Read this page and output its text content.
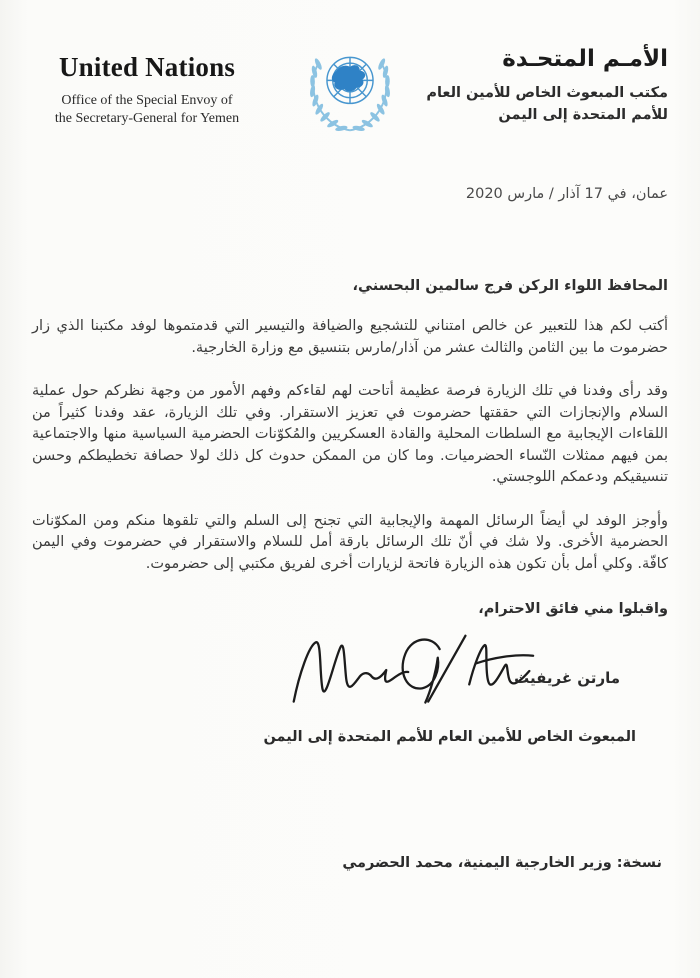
United Nations
Office of the Special Envoy of
the Secretary-General for Yemen
الأمـم المتحـدة
مكتب المبعوث الخاص للأمين العام
للأمم المتحدة إلى اليمن
عمان، في 17 آذار / مارس 2020
المحافظ اللواء الركن فرج سالمين البحسني،

أكتب لكم هذا للتعبير عن خالص امتناني للتشجيع والضيافة والتيسير التي قدمتموها لوفد مكتبنا الذي زار حضرموت ما بين الثامن والثالث عشر من آذار/مارس بتنسيق مع وزارة الخارجية.

وقد رأى وفدنا في تلك الزيارة فرصة عظيمة أتاحت لهم لقاءكم وفهم الأمور من وجهة نظركم حول عملية السلام والإنجازات التي حققتها حضرموت في تعزيز الاستقرار. وفي تلك الزيارة، عقد وفدنا كثيراً من اللقاءات الإيجابية مع السلطات المحلية والقادة العسكريين والمُكوّنات الحضرمية السياسية منها والاجتماعية بمن فيهم ممثلات النّساء الحضرميات. وما كان من الممكن حدوث كل ذلك لولا حصافة تخطيطكم وحسن تنسيقيكم ودعمكم اللوجستي.

وأوجز الوفد لي أيضاً الرسائل المهمة والإيجابية التي تجنح إلى السلم والتي تلقوها منكم ومن المكوّنات الحضرمية الأخرى. ولا شك في أنّ تلك الرسائل بارقة أمل للسلام والاستقرار في حضرموت وفي اليمن كافّة. وكلي أمل بأن تكون هذه الزيارة فاتحة لزيارات أخرى لفريق مكتبي إلى حضرموت.

واقبلوا مني فائق الاحترام،
مارتن غريفيث
المبعوث الخاص للأمين العام للأمم المتحدة إلى اليمن
نسخة: وزير الخارجية اليمنية، محمد الحضرمي
